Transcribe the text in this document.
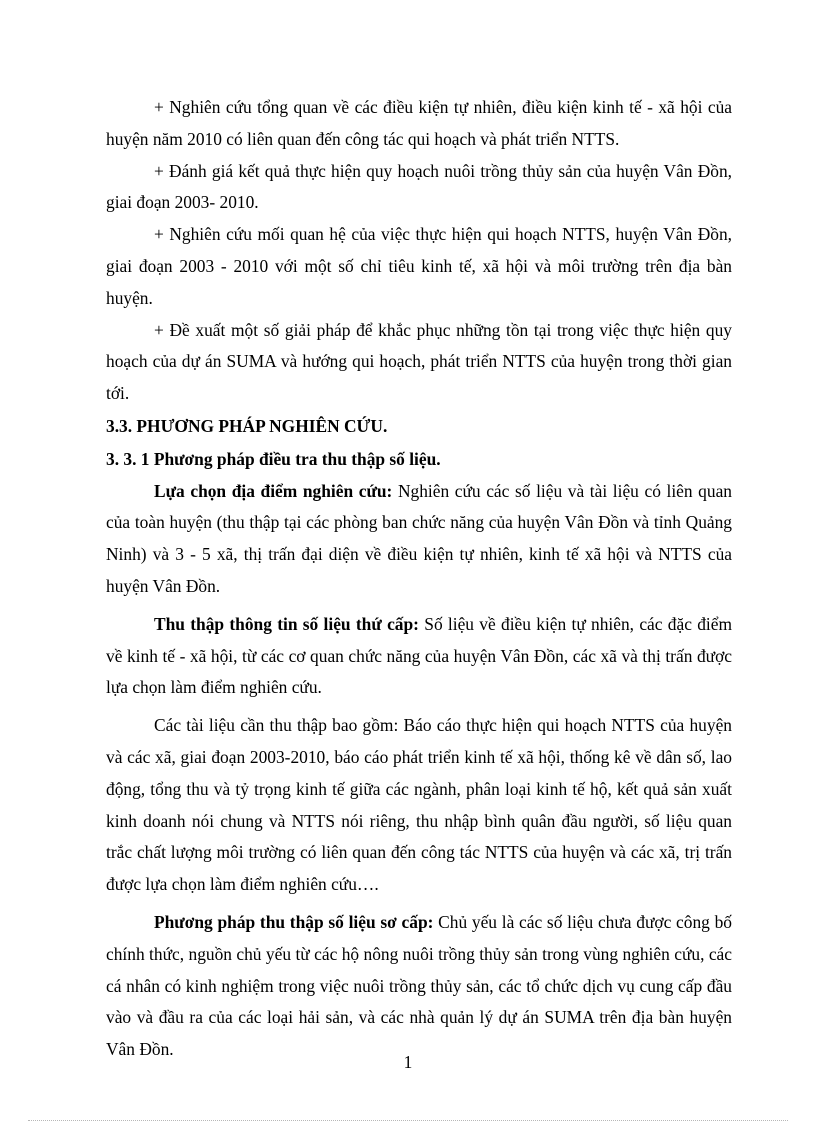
+ Nghiên cứu tổng quan về các điều kiện tự nhiên, điều kiện kinh tế - xã hội của huyện năm 2010 có liên quan đến công tác qui hoạch và phát triển NTTS.

+ Đánh giá kết quả thực hiện quy hoạch nuôi trồng thủy sản của huyện Vân Đồn, giai đoạn 2003- 2010.

+ Nghiên cứu mối quan hệ của việc thực hiện qui hoạch NTTS, huyện Vân Đồn, giai đoạn 2003 - 2010 với một số chỉ tiêu kinh tế, xã hội và môi trường trên địa bàn huyện.

+ Đề xuất một số giải pháp để khắc phục những tồn tại trong việc thực hiện quy hoạch của dự án SUMA và hướng qui hoạch, phát triển NTTS của huyện trong thời gian tới.

3.3. PHƯƠNG PHÁP NGHIÊN CỨU.

3. 3. 1 Phương pháp điều tra thu thập số liệu.

Lựa chọn địa điểm nghiên cứu: Nghiên cứu các số liệu và tài liệu có liên quan của toàn huyện (thu thập tại các phòng ban chức năng của huyện Vân Đồn và tỉnh Quảng Ninh) và 3 - 5 xã, thị trấn đại diện về điều kiện tự nhiên, kinh tế xã hội và NTTS của huyện Vân Đồn.

Thu thập thông tin số liệu thứ cấp: Số liệu về điều kiện tự nhiên, các đặc điểm về kinh tế - xã hội, từ các cơ quan chức năng của huyện Vân Đồn, các xã và thị trấn được lựa chọn làm điểm nghiên cứu.

Các tài liệu cần thu thập bao gồm: Báo cáo thực hiện qui hoạch NTTS của huyện và các xã, giai đoạn 2003-2010, báo cáo phát triển kinh tế xã hội, thống kê về dân số, lao động, tổng thu và tỷ trọng kinh tế giữa các ngành, phân loại kinh tế hộ, kết quả sản xuất kinh doanh nói chung và NTTS nói riêng, thu nhập bình quân đầu người, số liệu quan trắc chất lượng môi trường có liên quan đến công tác NTTS của huyện và các xã, trị trấn được lựa chọn làm điểm nghiên cứu….

Phương pháp thu thập số liệu sơ cấp: Chủ yếu là các số liệu chưa được công bố chính thức, nguồn chủ yếu từ các hộ nông nuôi trồng thủy sản trong vùng nghiên cứu, các cá nhân có kinh nghiệm trong việc nuôi trồng thủy sản, các tổ chức dịch vụ cung cấp đầu vào và đầu ra của các loại hải sản, và các nhà quản lý dự án SUMA trên địa bàn huyện Vân Đồn.

1
